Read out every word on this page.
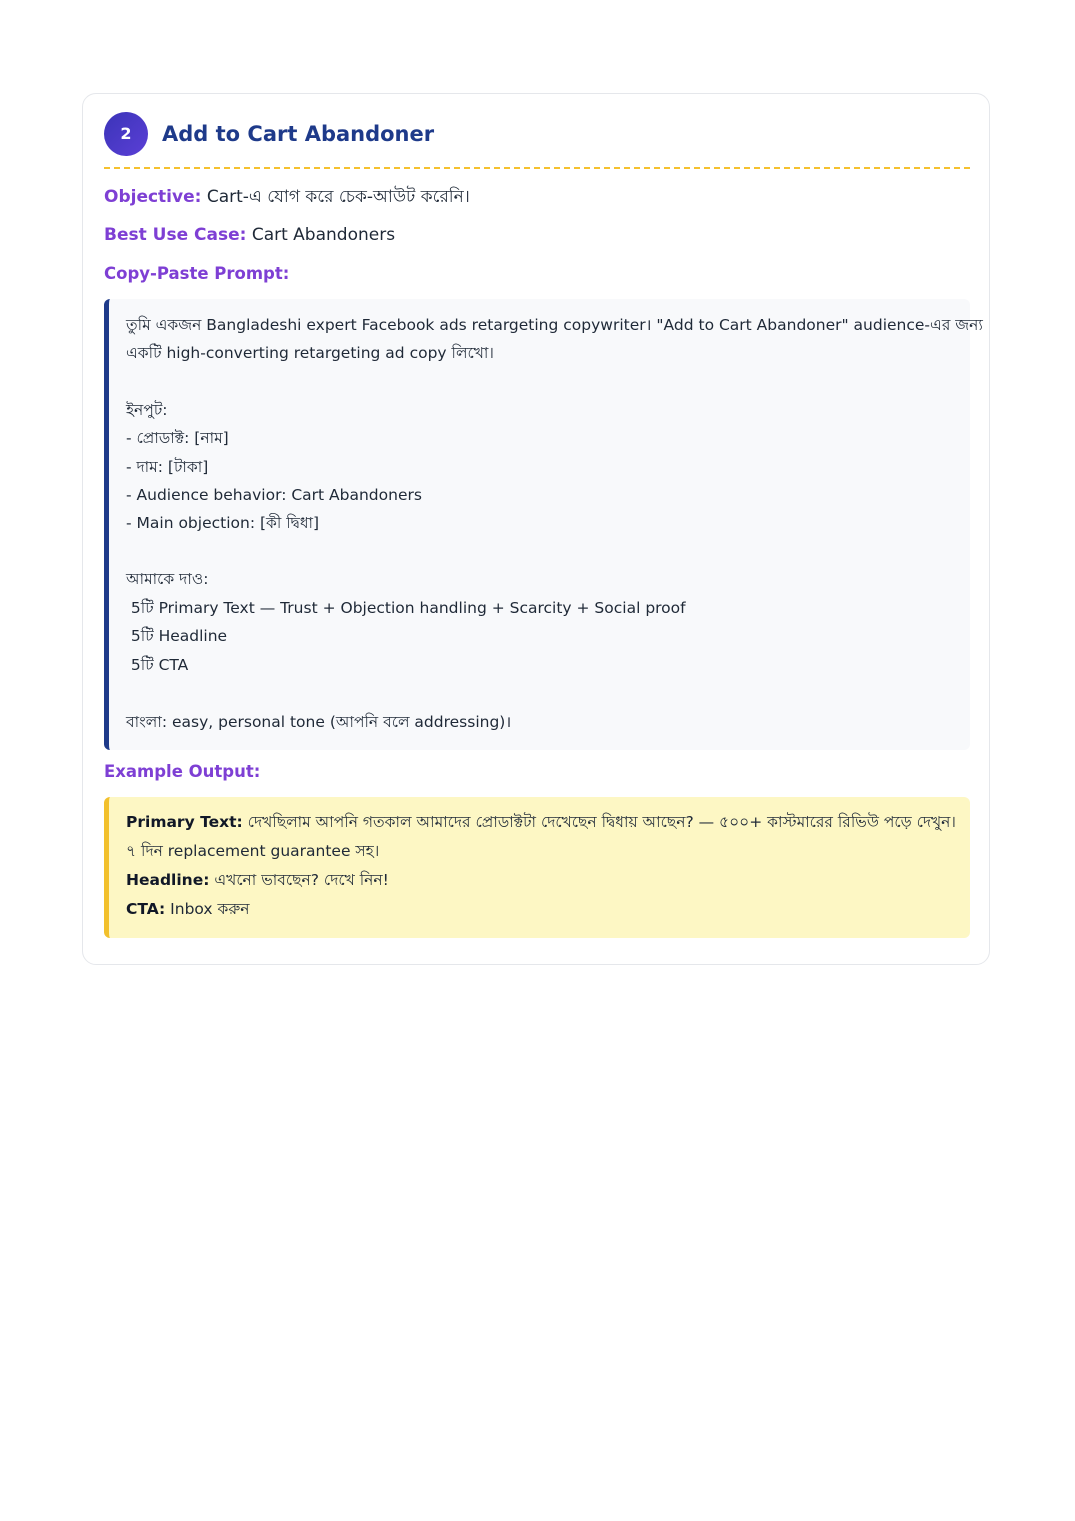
2	Add to Cart Abandoner
Objective: Cart-এ যোগ করে চেক-আউট করেনি।
Best Use Case: Cart Abandoners
Copy-Paste Prompt:
তুমি একজন Bangladeshi expert Facebook ads retargeting copywriter। "Add to Cart Abandoner" audience-এর জন্য
একটি high-converting retargeting ad copy লিখো।
ইনপুট:
- প্রোডাক্ট: [নাম]
- দাম: [টাকা]
- Audience behavior: Cart Abandoners
- Main objection: [কী দ্বিধা]
আমাকে দাও:
5টি Primary Text — Trust + Objection handling + Scarcity + Social proof
5টি Headline
5টি CTA
বাংলা: easy, personal tone (আপনি বলে addressing)।
Example Output:
Primary Text: দেখছিলাম আপনি গতকাল আমাদের প্রোডাক্টটা দেখেছেন দ্বিধায় আছেন? — ৫০০+ কাস্টমারের রিভিউ পড়ে দেখুন।
৭ দিন replacement guarantee সহ।
Headline: এখনো ভাবছেন? দেখে নিন!
CTA: Inbox করুন
